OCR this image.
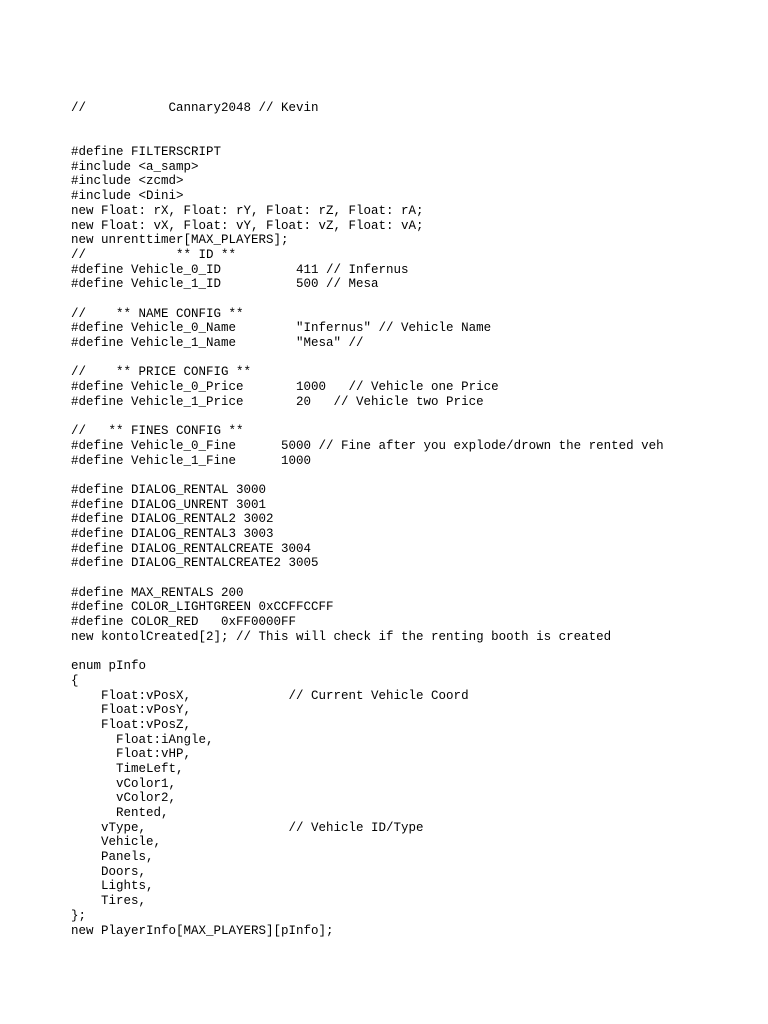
//           Cannary2048 // Kevin
#define FILTERSCRIPT
#include <a_samp>
#include <zcmd>
#include <Dini>
new Float: rX, Float: rY, Float: rZ, Float: rA;
new Float: vX, Float: vY, Float: vZ, Float: vA;
new unrenttimer[MAX_PLAYERS];
//            ** ID **
#define Vehicle_0_ID          411 // Infernus
#define Vehicle_1_ID          500 // Mesa
//    ** NAME CONFIG **
#define Vehicle_0_Name        "Infernus" // Vehicle Name
#define Vehicle_1_Name        "Mesa" //
//    ** PRICE CONFIG **
#define Vehicle_0_Price       1000   // Vehicle one Price
#define Vehicle_1_Price       20   // Vehicle two Price
//   ** FINES CONFIG **
#define Vehicle_0_Fine      5000 // Fine after you explode/drown the rented veh
#define Vehicle_1_Fine      1000
#define DIALOG_RENTAL 3000
#define DIALOG_UNRENT 3001
#define DIALOG_RENTAL2 3002
#define DIALOG_RENTAL3 3003
#define DIALOG_RENTALCREATE 3004
#define DIALOG_RENTALCREATE2 3005
#define MAX_RENTALS 200
#define COLOR_LIGHTGREEN 0xCCFFCCFF
#define COLOR_RED   0xFF0000FF
new kontolCreated[2]; // This will check if the renting booth is created
enum pInfo
{
Float:vPosX,             // Current Vehicle Coord
Float:vPosY,
Float:vPosZ,
Float:iAngle,
Float:vHP,
TimeLeft,
vColor1,
vColor2,
Rented,
vType,                   // Vehicle ID/Type
Vehicle,
Panels,
Doors,
Lights,
Tires,
};
new PlayerInfo[MAX_PLAYERS][pInfo];
